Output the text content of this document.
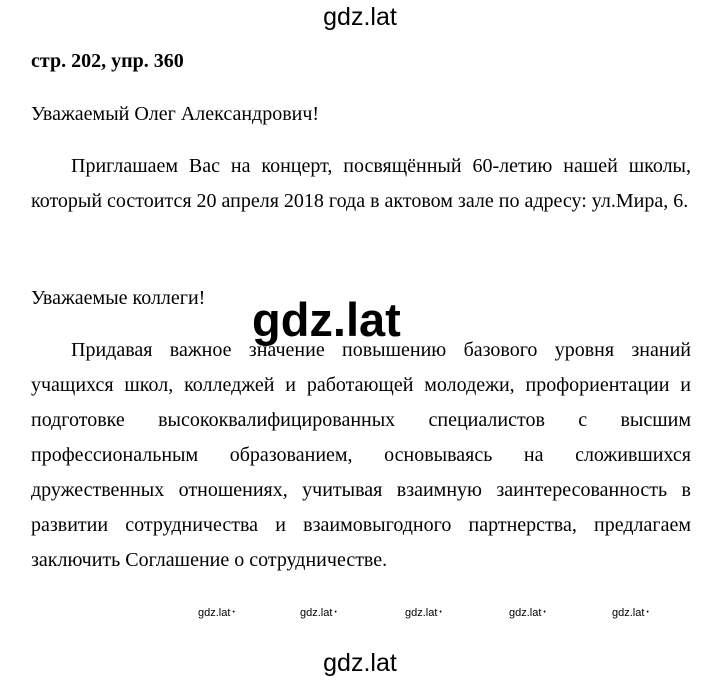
gdz.lat
стр. 202, упр. 360
Уважаемый Олег Александрович!

Приглашаем Вас на концерт, посвящённый 60-летию нашей школы, который состоится 20 апреля 2018 года в актовом зале по адресу: ул.Мира, 6.

Уважаемые коллеги!

Придавая важное значение повышению базового уровня знаний учащихся школ, колледжей и работающей молодежи, профориентации и подготовке высококвалифицированных специалистов с высшим профессиональным образованием, основываясь на сложившихся дружественных отношениях, учитывая взаимную заинтересованность в развитии сотрудничества и взаимовыгодного партнерства, предлагаем заключить Соглашение о сотрудничестве.

gdz.lat
gdz.lat •	gdz.lat •	gdz.lat •	gdz.lat •	gdz.lat •
gdz.lat
